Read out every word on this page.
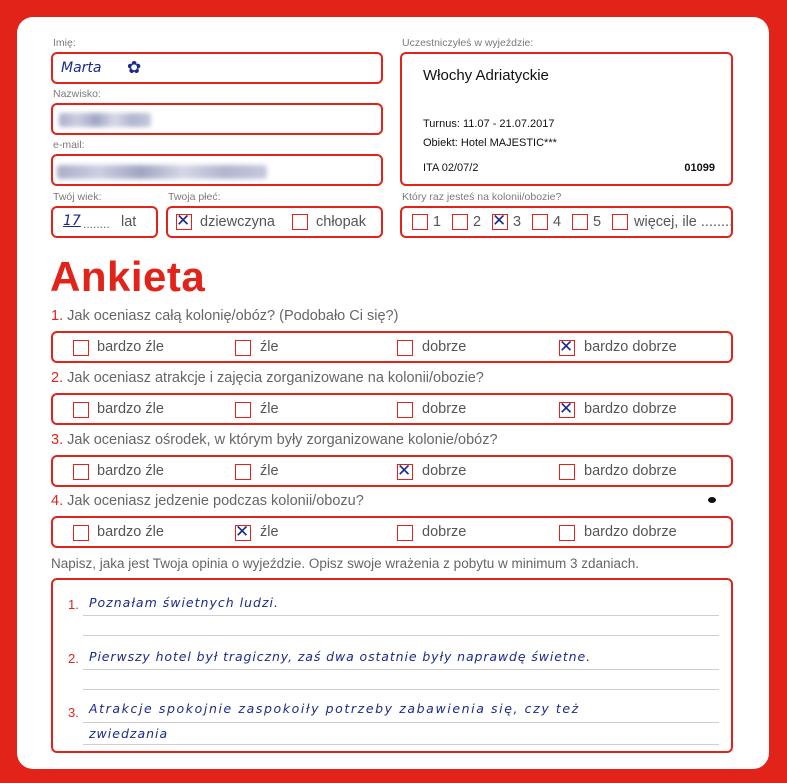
Imię:
Marta ✿
Nazwisko:
e-mail:
Twój wiek:
17 ........ lat
Twoja płeć:
✕ dziewczyna	chłopak
Uczestniczyłeś w wyjeździe:
Włochy Adriatyckie
Turnus: 11.07 - 21.07.2017
Obiekt: Hotel MAJESTIC***
ITA 02/07/2	01099
Który raz jesteś na kolonii/obozie?
1 2 ✕ 3 4 5 więcej, ile ........
Ankieta
1. Jak oceniasz całą kolonię/obóz? (Podobało Ci się?)
bardzo źle	źle	dobrze	✕ bardzo dobrze
2. Jak oceniasz atrakcje i zajęcia zorganizowane na kolonii/obozie?
bardzo źle	źle	dobrze	✕ bardzo dobrze
3. Jak oceniasz ośrodek, w którym były zorganizowane kolonie/obóz?
bardzo źle	źle	✕ dobrze	bardzo dobrze
4. Jak oceniasz jedzenie podczas kolonii/obozu?
bardzo źle	✕ źle	dobrze	bardzo dobrze
Napisz, jaka jest Twoja opinia o wyjeździe. Opisz swoje wrażenia z pobytu w minimum 3 zdaniach.
1. Poznałam świetnych ludzi.
2. Pierwszy hotel był tragiczny, zaś dwa ostatnie były naprawdę świetne.
3. Atrakcje spokojnie zaspokoiły potrzeby zabawienia się, czy też
zwiedzania
